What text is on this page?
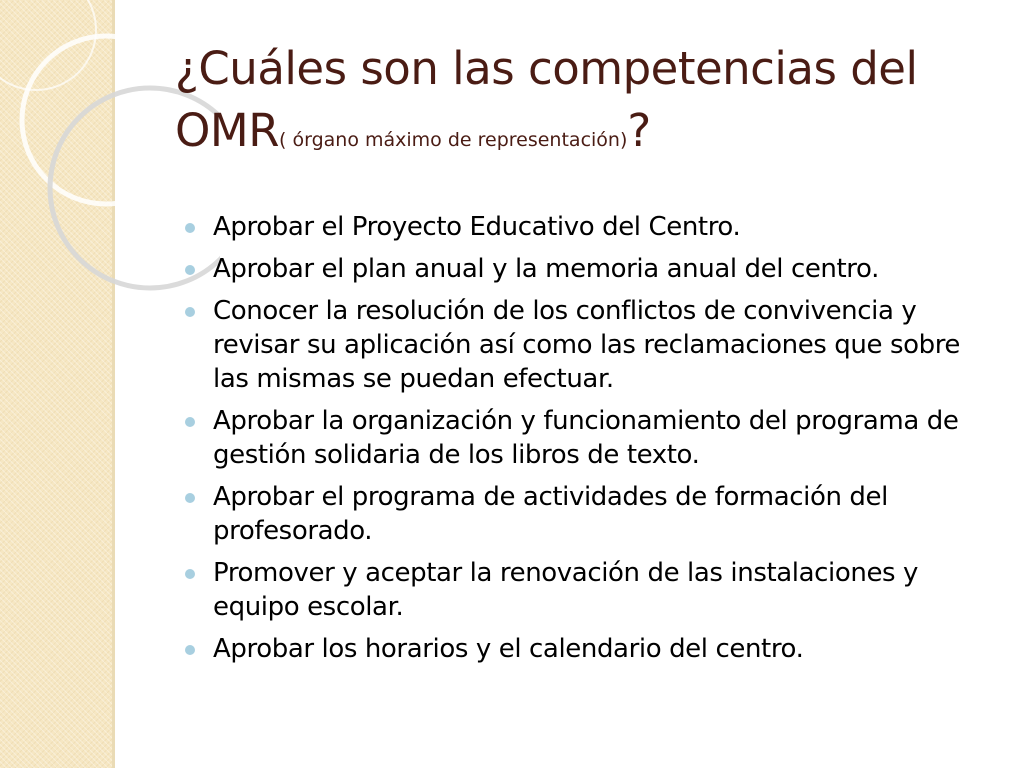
¿Cuáles son las competencias del
OMR( órgano máximo de representación)?
Aprobar el Proyecto Educativo del Centro.
Aprobar el plan anual y la memoria anual del centro.
Conocer la resolución de los conflictos de convivencia y revisar su aplicación así como las reclamaciones que sobre las mismas se puedan efectuar.
Aprobar la organización y funcionamiento del programa de gestión solidaria de los libros de texto.
Aprobar el programa de actividades de formación del profesorado.
Promover y aceptar la renovación de las instalaciones y equipo escolar.
Aprobar los horarios y el calendario del centro.
